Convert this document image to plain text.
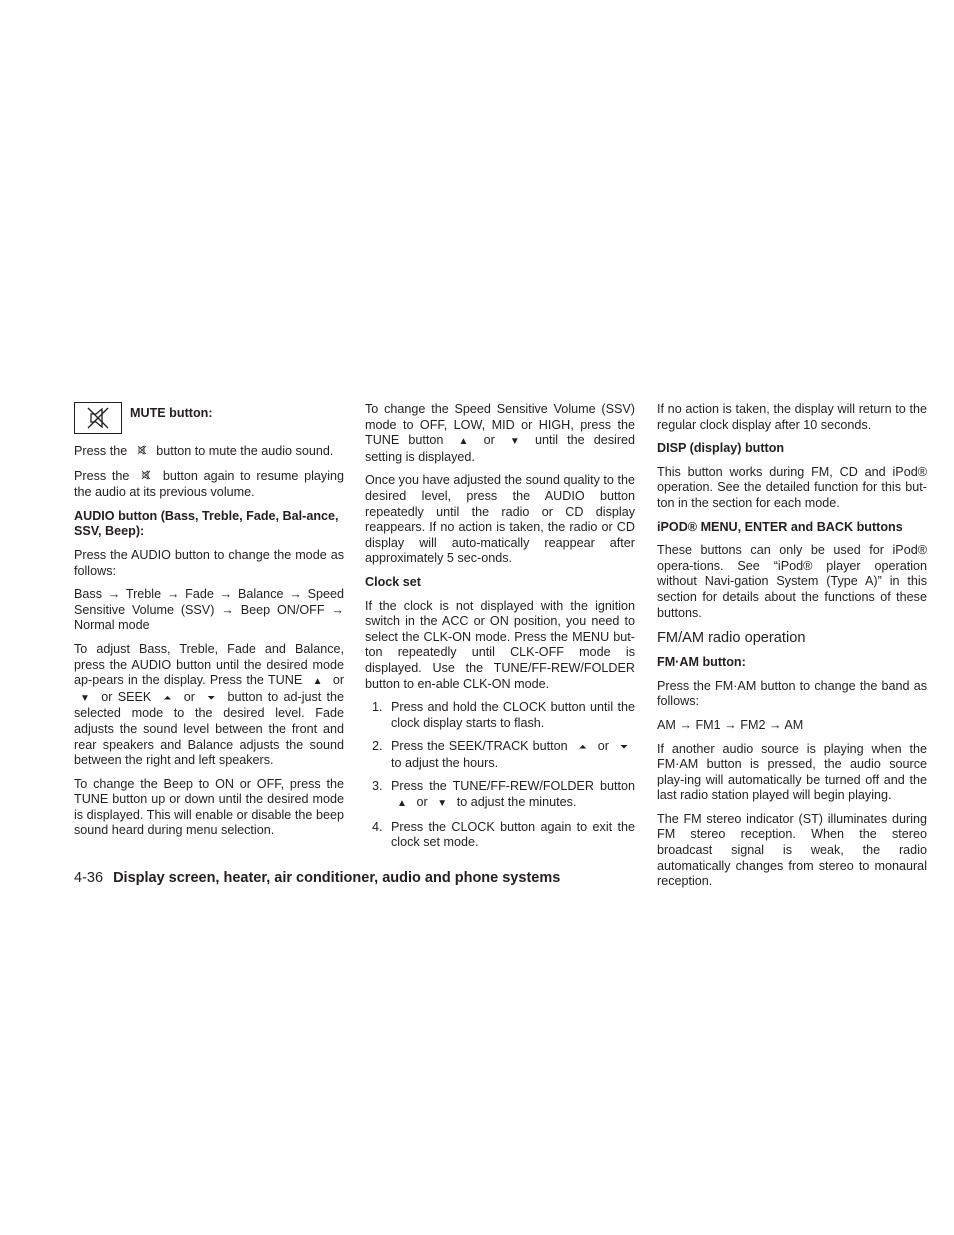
MUTE button:

Press the button to mute the audio sound.

Press the	button again to resume playing the audio at its previous volume.

AUDIO button (Bass, Treble, Fade, Bal-ance, SSV, Beep):

Press the AUDIO button to change the mode as follows:

Bass → Treble → Fade → Balance → Speed Sensitive Volume (SSV) → Beep ON/OFF → Normal mode

To adjust Bass, Treble, Fade and Balance, press the AUDIO button until the desired mode ap-pears in the display. Press the TUNE ▲ or ▼ or SEEK ⏶ or ⏷ button to ad-just the selected mode to the desired level. Fade adjusts the sound level between the front and rear speakers and Balance adjusts the sound between the right and left speakers.

To change the Beep to ON or OFF, press the TUNE button up or down until the desired mode is displayed. This will enable or disable the beep sound heard during menu selection.

To change the Speed Sensitive Volume (SSV) mode to OFF, LOW, MID or HIGH, press the TUNE button ▲ or ▼ until the desired setting is displayed.

Once you have adjusted the sound quality to the desired level, press the AUDIO button repeatedly until the radio or CD display reappears. If no action is taken, the radio or CD display will auto-matically reappear after approximately 5 sec-onds.

Clock set

If the clock is not displayed with the ignition switch in the ACC or ON position, you need to select the CLK-ON mode. Press the MENU but-ton repeatedly until CLK-OFF mode is displayed. Use the TUNE/FF-REW/FOLDER button to en-able CLK-ON mode.

1. Press and hold the CLOCK button until the clock display starts to flash.
2. Press the SEEK/TRACK button ⏶ or ⏷ to adjust the hours.
3. Press the TUNE/FF-REW/FOLDER button ▲ or ▼ to adjust the minutes.
4. Press the CLOCK button again to exit the clock set mode.

If no action is taken, the display will return to the regular clock display after 10 seconds.

DISP (display) button

This button works during FM, CD and iPod® operation. See the detailed function for this but-ton in the section for each mode.

iPOD® MENU, ENTER and BACK buttons

These buttons can only be used for iPod® opera-tions. See “iPod® player operation without Navi-gation System (Type A)” in this section for details about the functions of these buttons.

FM/AM radio operation
FM·AM button:

Press the FM·AM button to change the band as follows:

AM → FM1 → FM2 → AM

If another audio source is playing when the FM·AM button is pressed, the audio source play-ing will automatically be turned off and the last radio station played will begin playing.

The FM stereo indicator (ST) illuminates during FM stereo reception. When the stereo broadcast signal is weak, the radio automatically changes from stereo to monaural reception.

4-36 Display screen, heater, air conditioner, audio and phone systems
